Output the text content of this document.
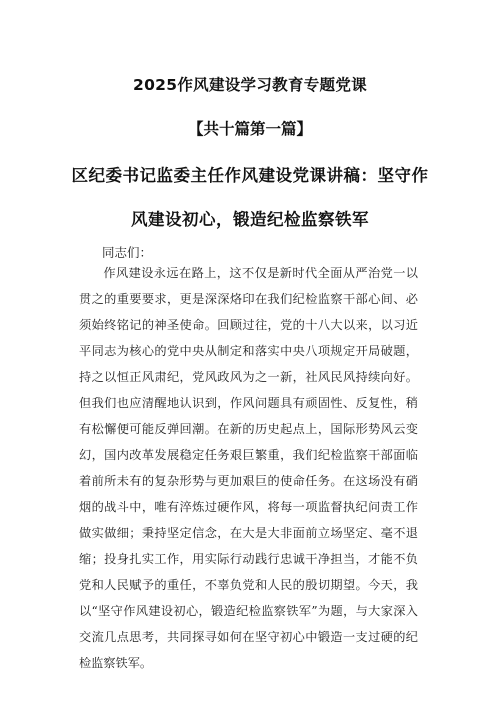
2025作风建设学习教育专题党课
【共十篇第一篇】
区纪委书记监委主任作风建设党课讲稿：坚守作
风建设初心，锻造纪检监察铁军
同志们：

作风建设永远在路上，这不仅是新时代全面从严治党一以贯之的重要要求，更是深深烙印在我们纪检监察干部心间、必须始终铭记的神圣使命。回顾过往，党的十八大以来，以习近平同志为核心的党中央从制定和落实中央八项规定开局破题，持之以恒正风肃纪，党风政风为之一新，社风民风持续向好。但我们也应清醒地认识到，作风问题具有顽固性、反复性，稍有松懈便可能反弹回潮。在新的历史起点上，国际形势风云变幻，国内改革发展稳定任务艰巨繁重，我们纪检监察干部面临着前所未有的复杂形势与更加艰巨的使命任务。在这场没有硝烟的战斗中，唯有淬炼过硬作风，将每一项监督执纪问责工作做实做细；秉持坚定信念，在大是大非面前立场坚定、毫不退缩；投身扎实工作，用实际行动践行忠诚干净担当，才能不负党和人民赋予的重任，不辜负党和人民的殷切期望。今天，我以“坚守作风建设初心，锻造纪检监察铁军”为题，与大家深入交流几点思考，共同探寻如何在坚守初心中锻造一支过硬的纪检监察铁军。
